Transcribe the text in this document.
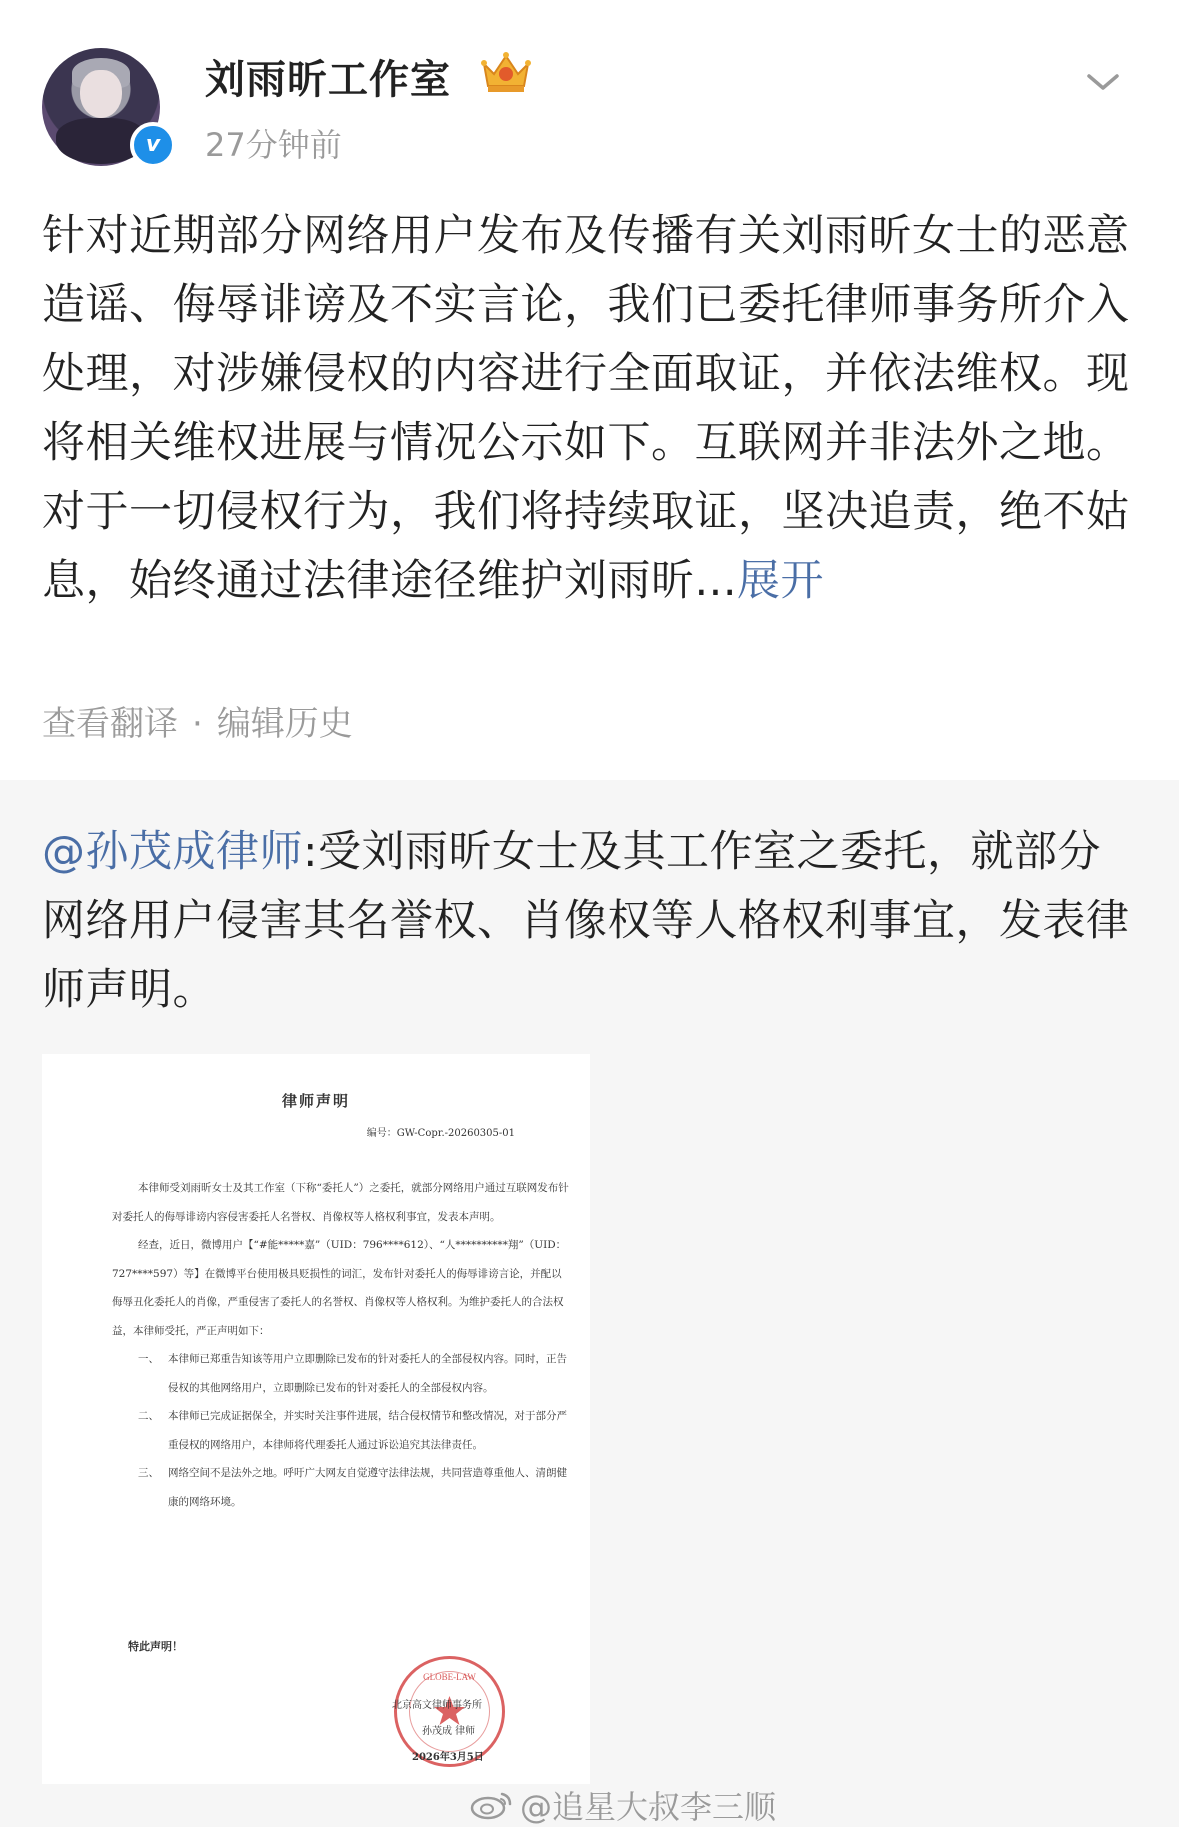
v
刘雨昕工作室
27分钟前
针对近期部分网络用户发布及传播有关刘雨昕女士的恶意造谣、侮辱诽谤及不实言论，我们已委托律师事务所介入处理，对涉嫌侵权的内容进行全面取证，并依法维权。现将相关维权进展与情况公示如下。互联网并非法外之地。对于一切侵权行为，我们将持续取证，坚决追责，绝不姑息，始终通过法律途径维护刘雨昕...展开
查看翻译 · 编辑历史
@孙茂成律师:受刘雨昕女士及其工作室之委托，就部分网络用户侵害其名誉权、肖像权等人格权利事宜，发表律师声明。
律师声明
编号：GW-Copr.-20260305-01

本律师受刘雨昕女士及其工作室（下称“委托人”）之委托，就部分网络用户通过互联网发布针对委托人的侮辱诽谤内容侵害委托人名誉权、肖像权等人格权利事宜，发表本声明。

经查，近日，微博用户【“#能*****嘉”（UID：796****612）、“人**********翔”（UID：727****597）等】在微博平台使用极具贬损性的词汇，发布针对委托人的侮辱诽谤言论，并配以侮辱丑化委托人的肖像，严重侵害了委托人的名誉权、肖像权等人格权利。为维护委托人的合法权益，本律师受托，严正声明如下：

一、 本律师已郑重告知该等用户立即删除已发布的针对委托人的全部侵权内容。同时，正告侵权的其他网络用户，立即删除已发布的针对委托人的全部侵权内容。
二、 本律师已完成证据保全，并实时关注事件进展，结合侵权情节和整改情况，对于部分严重侵权的网络用户，本律师将代理委托人通过诉讼追究其法律责任。
三、 网络空间不是法外之地。呼吁广大网友自觉遵守法律法规，共同营造尊重他人、清朗健康的网络环境。
特此声明！
GLOBE-LAW
北京高文律师事务所
孙茂成 律师
2026年3月5日
@追星大叔李三顺
